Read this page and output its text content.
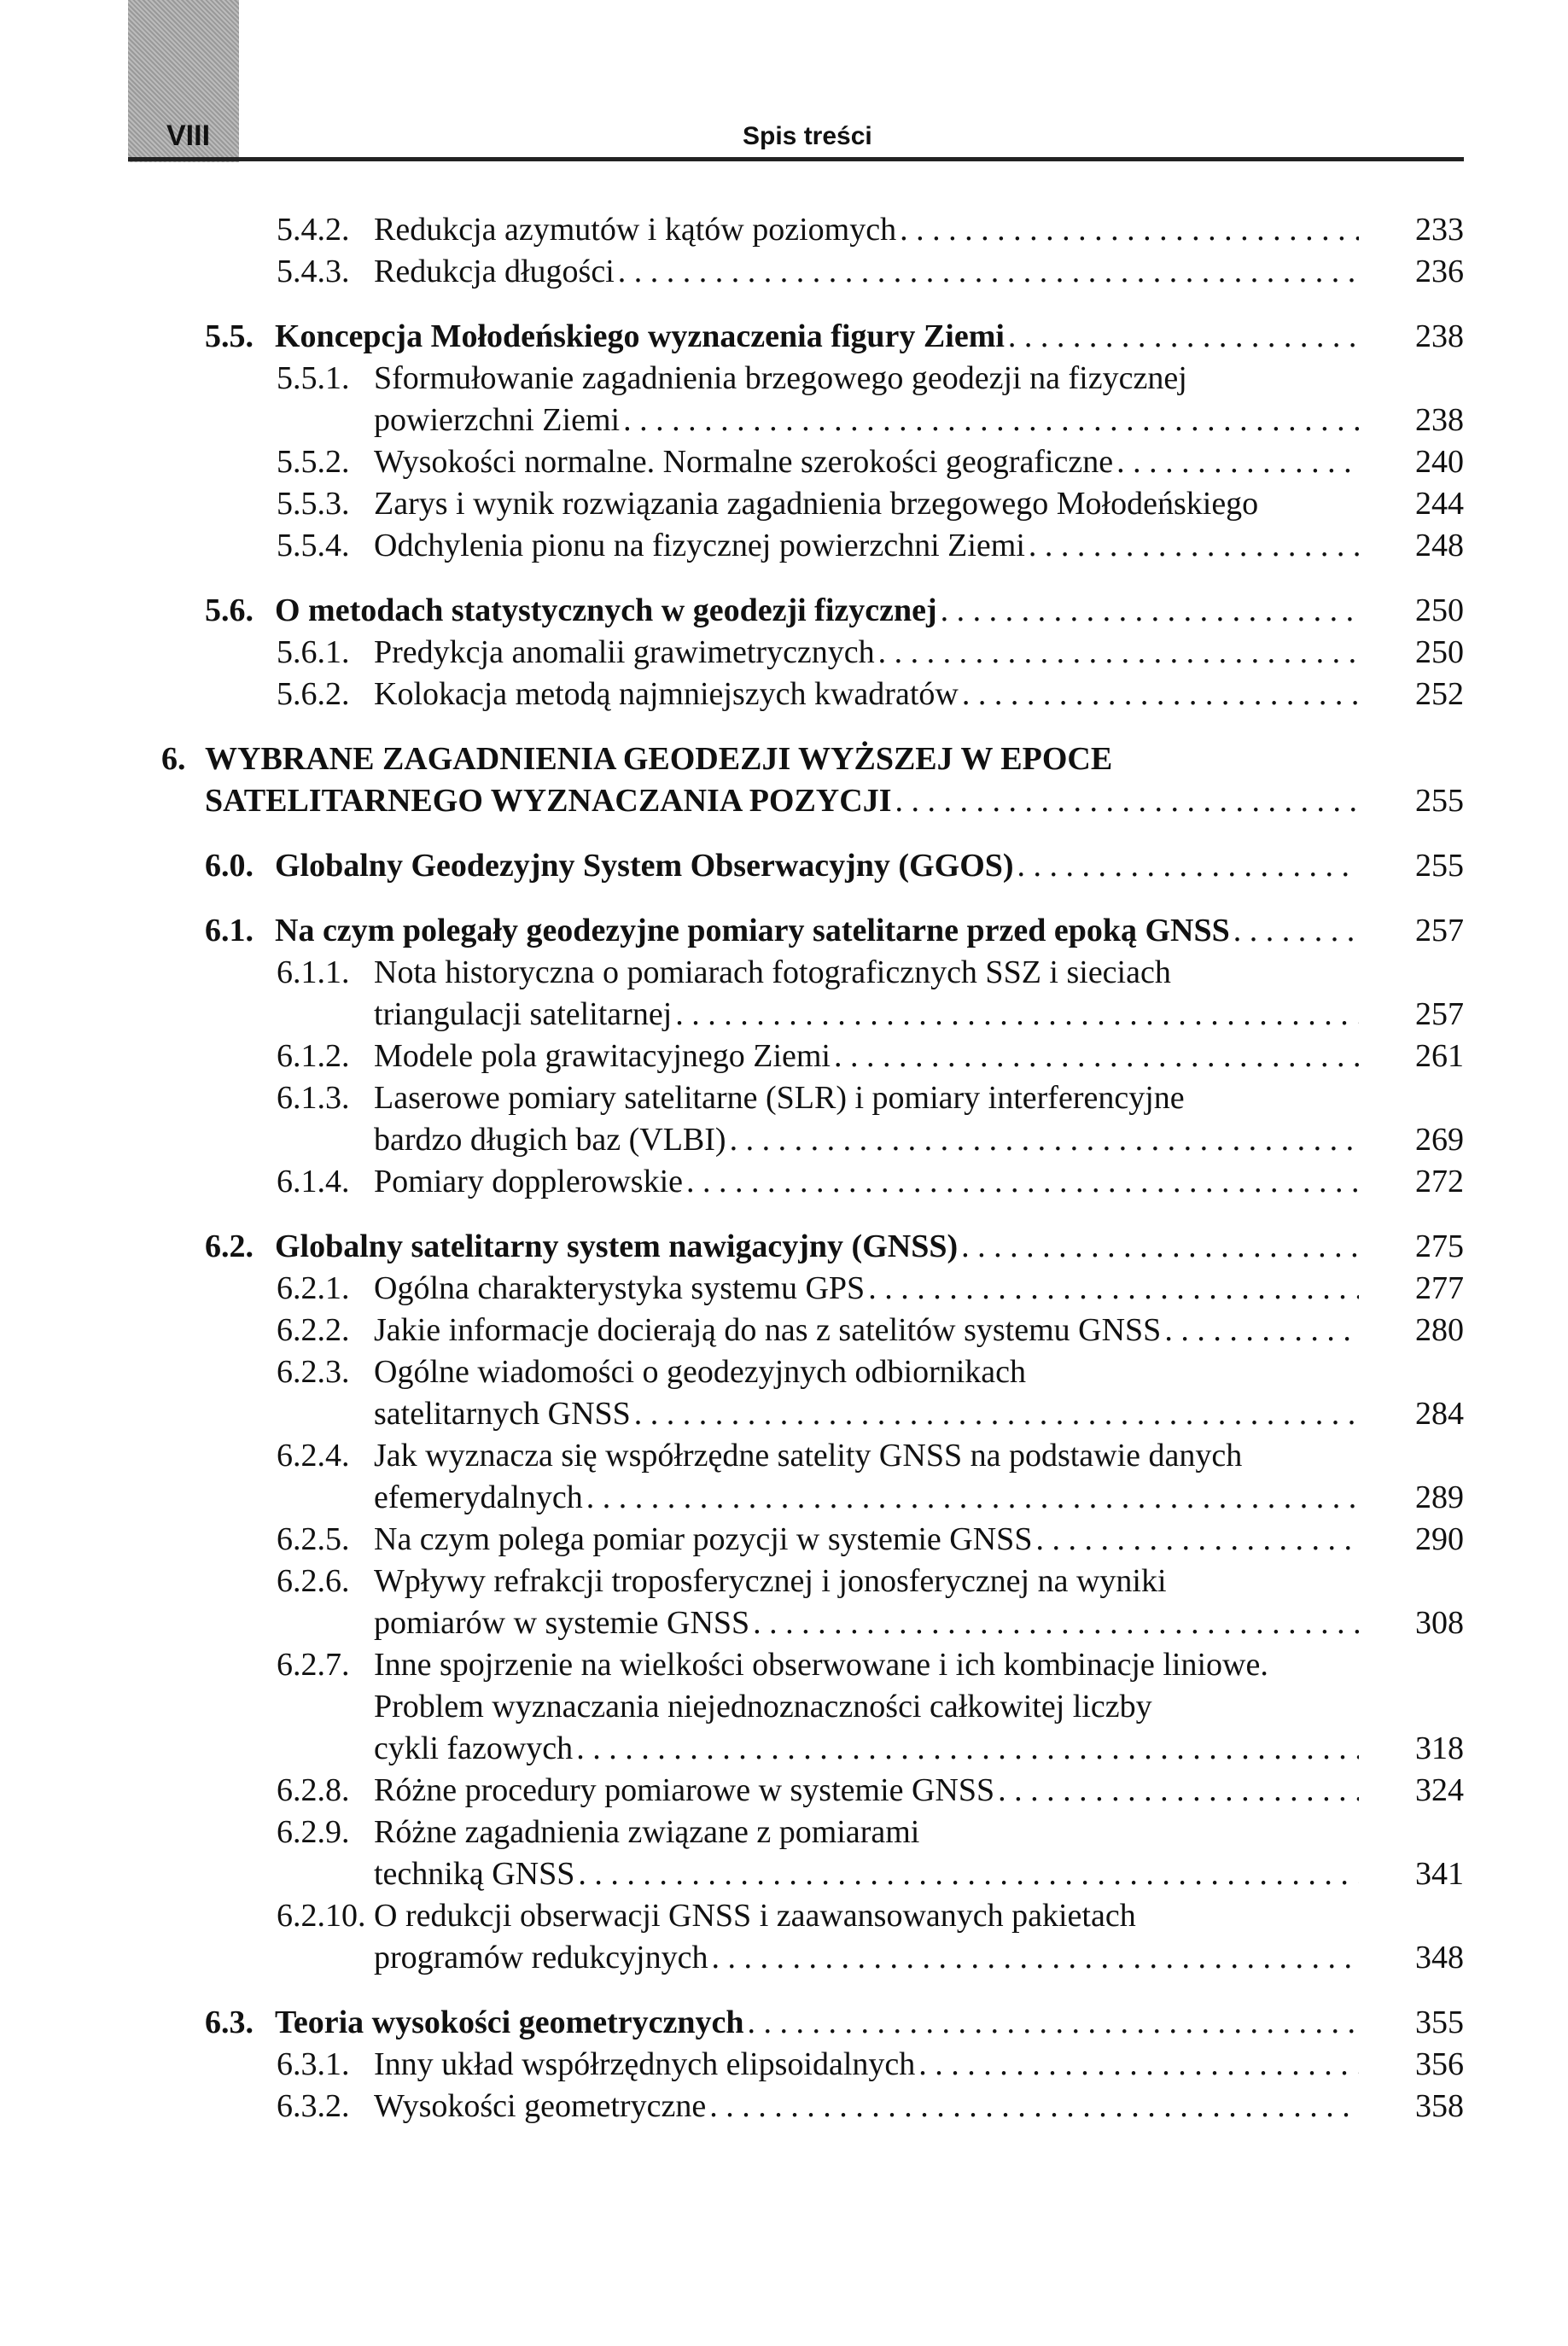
VIII	Spis treści
5.4.2. Redukcja azymutów i kątów poziomych . . .	233
5.4.3. Redukcja długości . . .	236
5.5. Koncepcja Mołodeńskiego wyznaczenia figury Ziemi . . .	238
5.5.1. Sformułowanie zagadnienia brzegowego geodezji na fizycznej
powierzchni Ziemi . . .	238
5.5.2. Wysokości normalne. Normalne szerokości geograficzne . . .	240
5.5.3. Zarys i wynik rozwiązania zagadnienia brzegowego Mołodeńskiego	244
5.5.4. Odchylenia pionu na fizycznej powierzchni Ziemi . . .	248
5.6. O metodach statystycznych w geodezji fizycznej . . .	250
5.6.1. Predykcja anomalii grawimetrycznych . . .	250
5.6.2. Kolokacja metodą najmniejszych kwadratów . . .	252
6. WYBRANE ZAGADNIENIA GEODEZJI WYŻSZEJ W EPOCE
SATELITARNEGO WYZNACZANIA POZYCJI . . .	255
6.0. Globalny Geodezyjny System Obserwacyjny (GGOS) . . .	255
6.1. Na czym polegały geodezyjne pomiary satelitarne przed epoką GNSS . . .	257
6.1.1. Nota historyczna o pomiarach fotograficznych SSZ i sieciach
triangulacji satelitarnej . . .	257
6.1.2. Modele pola grawitacyjnego Ziemi . . .	261
6.1.3. Laserowe pomiary satelitarne (SLR) i pomiary interferencyjne
bardzo długich baz (VLBI) . . .	269
6.1.4. Pomiary dopplerowskie . . .	272
6.2. Globalny satelitarny system nawigacyjny (GNSS) . . .	275
6.2.1. Ogólna charakterystyka systemu GPS . . .	277
6.2.2. Jakie informacje docierają do nas z satelitów systemu GNSS . . .	280
6.2.3. Ogólne wiadomości o geodezyjnych odbiornikach
satelitarnych GNSS . . .	284
6.2.4. Jak wyznacza się współrzędne satelity GNSS na podstawie danych
efemerydalnych . . .	289
6.2.5. Na czym polega pomiar pozycji w systemie GNSS . . .	290
6.2.6. Wpływy refrakcji troposferycznej i jonosferycznej na wyniki
pomiarów w systemie GNSS . . .	308
6.2.7. Inne spojrzenie na wielkości obserwowane i ich kombinacje liniowe.
Problem wyznaczania niejednoznaczności całkowitej liczby
cykli fazowych . . .	318
6.2.8. Różne procedury pomiarowe w systemie GNSS . . .	324
6.2.9. Różne zagadnienia związane z pomiarami
techniką GNSS . . .	341
6.2.10. O redukcji obserwacji GNSS i zaawansowanych pakietach
programów redukcyjnych . . .	348
6.3. Teoria wysokości geometrycznych . . .	355
6.3.1. Inny układ współrzędnych elipsoidalnych . . .	356
6.3.2. Wysokości geometryczne . . .	358
